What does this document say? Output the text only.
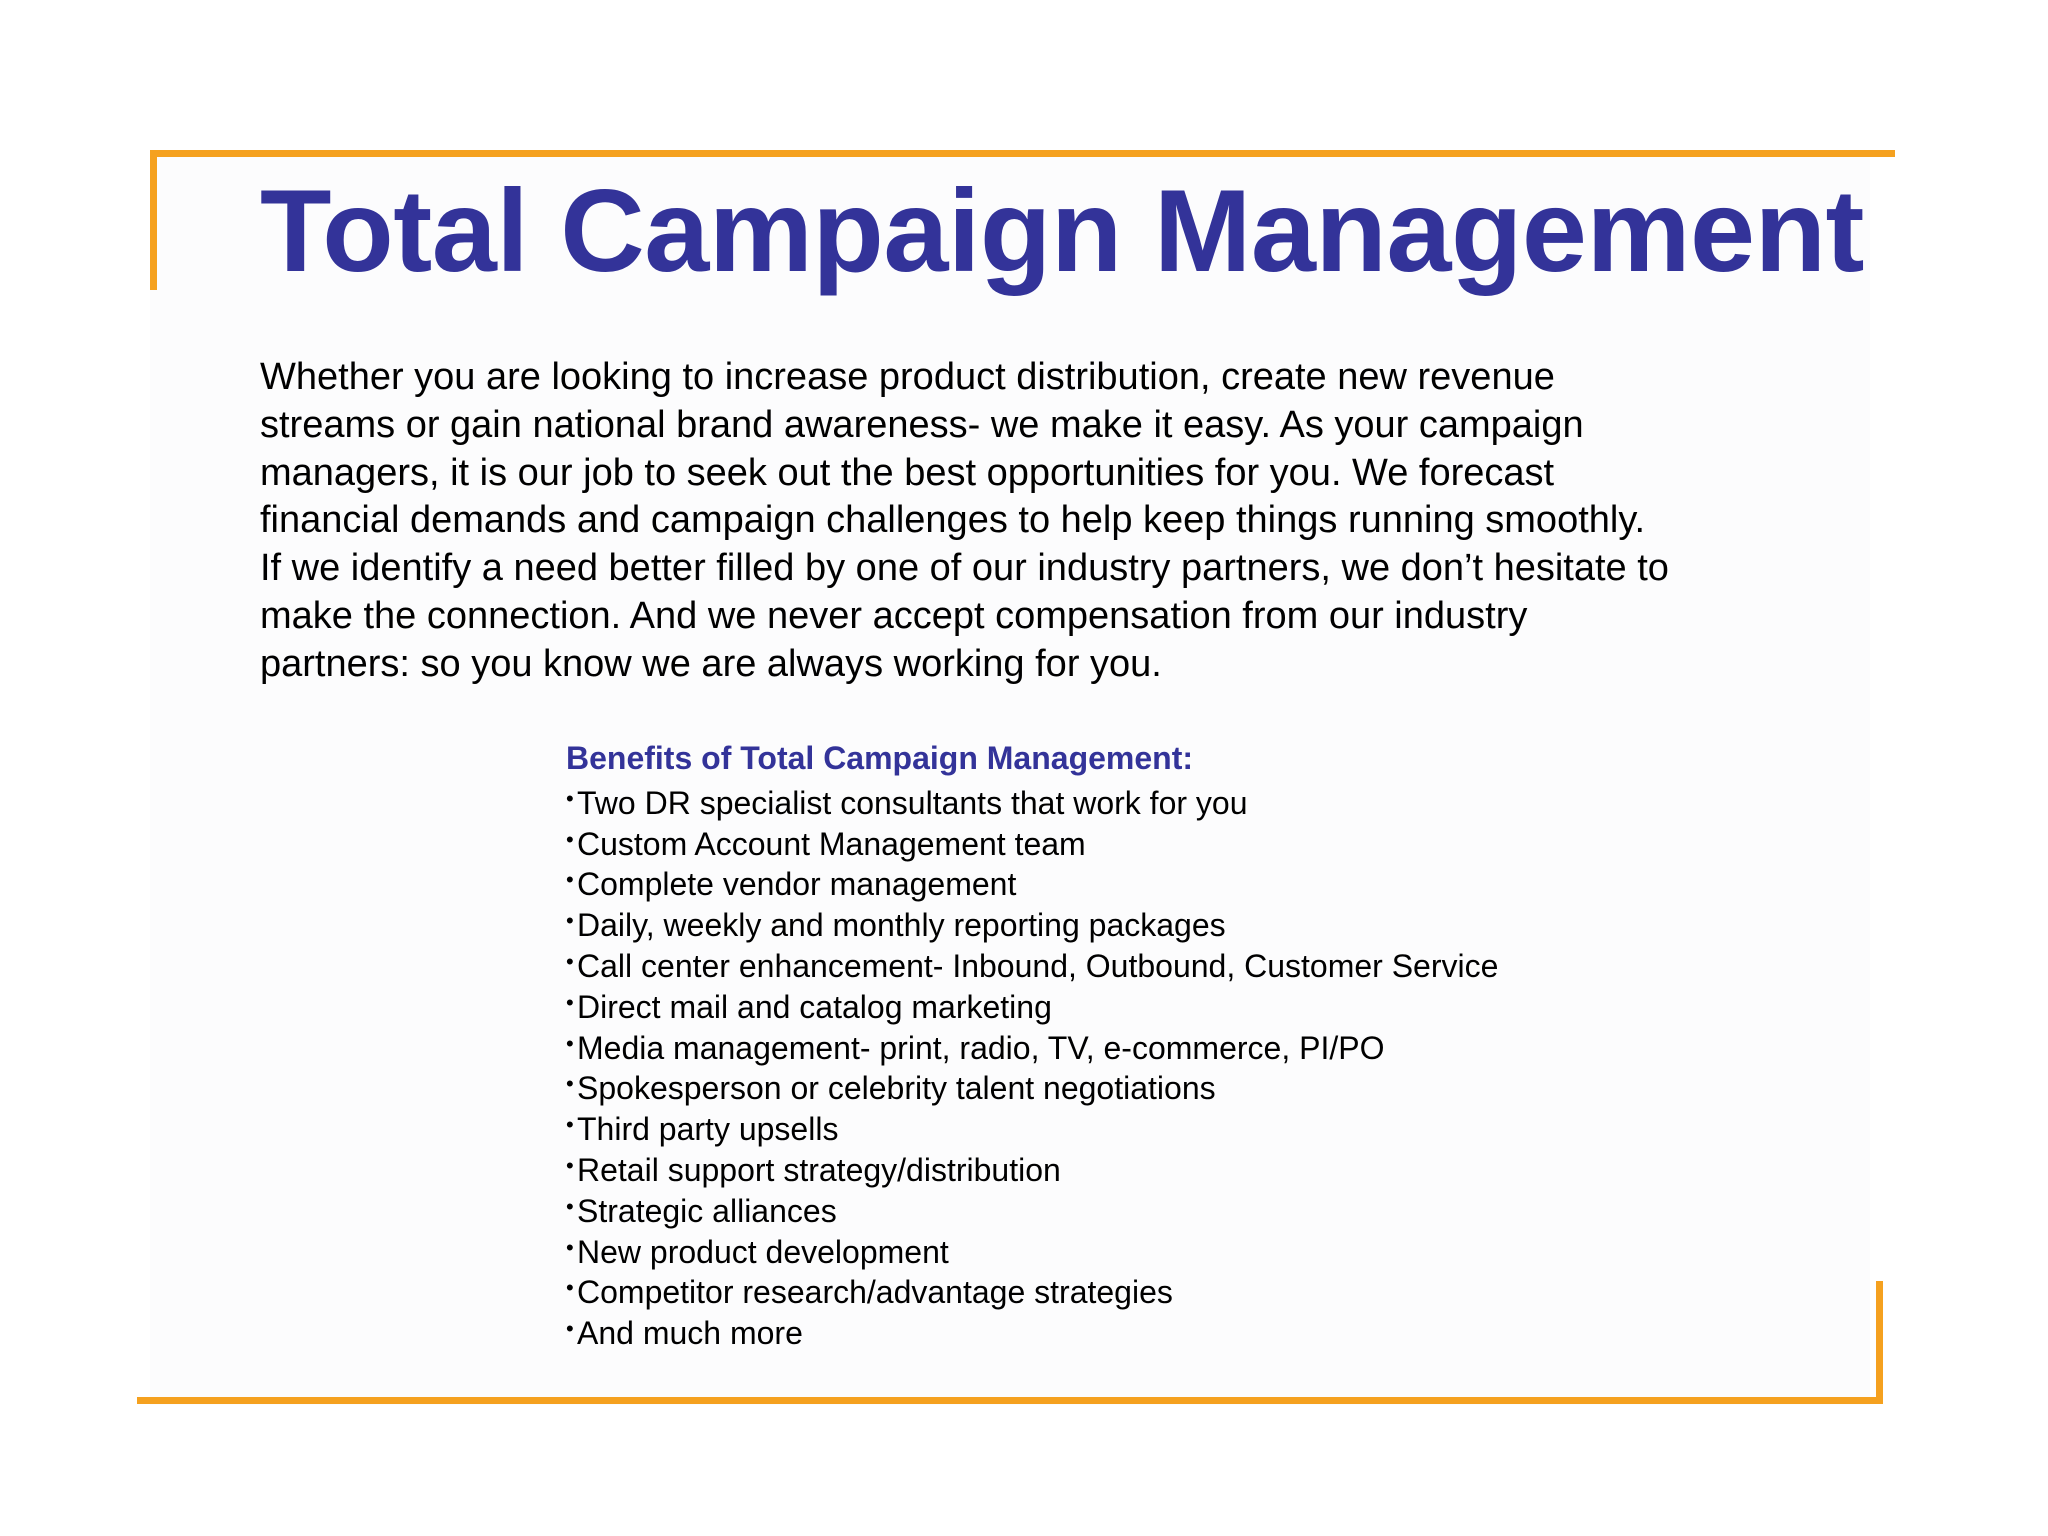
Total Campaign Management

Whether you are looking to increase product distribution, create new revenue
streams or gain national brand awareness- we make it easy. As your campaign
managers, it is our job to seek out the best opportunities for you. We forecast
financial demands and campaign challenges to help keep things running smoothly.
If we identify a need better filled by one of our industry partners, we don’t hesitate to
make the connection. And we never accept compensation from our industry
partners: so you know we are always working for you.

Benefits of Total Campaign Management:
• Two DR specialist consultants that work for you
• Custom Account Management team
• Complete vendor management
• Daily, weekly and monthly reporting packages
• Call center enhancement- Inbound, Outbound, Customer Service
• Direct mail and catalog marketing
• Media management- print, radio, TV, e-commerce, PI/PO
• Spokesperson or celebrity talent negotiations
• Third party upsells
• Retail support strategy/distribution
• Strategic alliances
• New product development
• Competitor research/advantage strategies
• And much more
